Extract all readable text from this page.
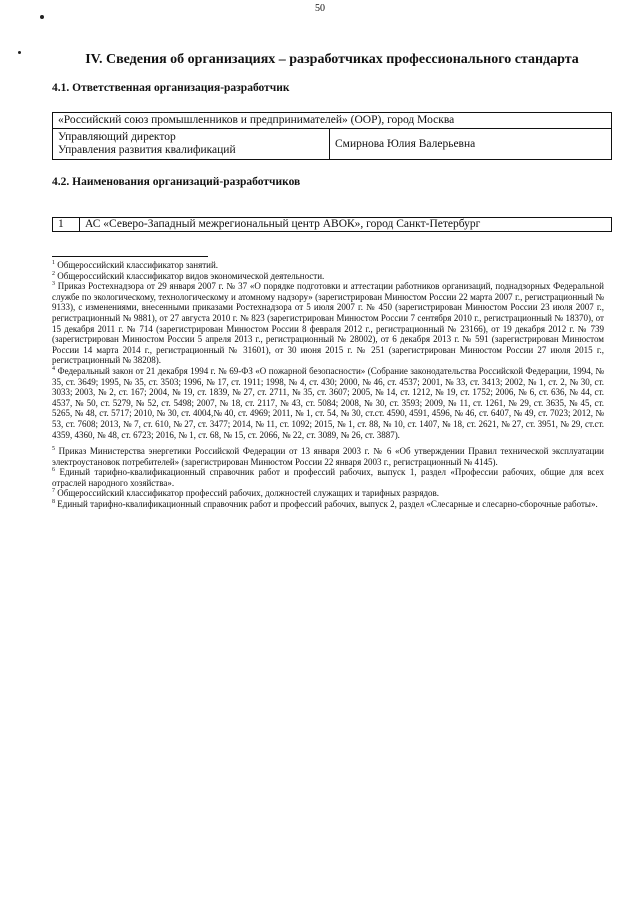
50
IV. Сведения об организациях – разработчиках профессионального стандарта
4.1. Ответственная организация-разработчик
«Российский союз промышленников и предпринимателей» (ООР), город Москва

Управляющий директор
Управления развития квалификаций
	Смирнова Юлия Валерьевна
4.2. Наименования организаций-разработчиков
1	АС «Северо-Западный межрегиональный центр АВОК», город Санкт-Петербург

$^1$ Общероссийский классификатор занятий.

$^2$ Общероссийский классификатор видов экономической деятельности.

$^3$ Приказ Ростехнадзора от 29 января 2007 г. № 37 «О порядке подготовки и аттестации работников организаций, поднадзорных Федеральной службе по экологическому, технологическому и атомному надзору» (зарегистрирован Минюстом России 22 марта 2007 г., регистрационный № 9133), с изменениями, внесенными приказами Ростехнадзора от 5 июля 2007 г. № 450 (зарегистрирован Минюстом России 23 июля 2007 г., регистрационный № 9881), от 27 августа 2010 г. № 823 (зарегистрирован Минюстом России 7 сентября 2010 г., регистрационный № 18370), от 15 декабря 2011 г. № 714 (зарегистрирован Минюстом России 8 февраля 2012 г., регистрационный № 23166), от 19 декабря 2012 г. № 739 (зарегистрирован Минюстом России 5 апреля 2013 г., регистрационный № 28002), от 6 декабря 2013 г. № 591 (зарегистрирован Минюстом России 14 марта 2014 г., регистрационный № 31601), от 30 июня 2015 г. № 251 (зарегистрирован Минюстом России 27 июля 2015 г., регистрационный № 38208).

$^4$ Федеральный закон от 21 декабря 1994 г. № 69-ФЗ «О пожарной безопасности» (Собрание законодательства Российской Федерации, 1994, № 35, ст. 3649; 1995, № 35, ст. 3503; 1996, № 17, ст. 1911; 1998, № 4, ст. 430; 2000, № 46, ст. 4537; 2001, № 33, ст. 3413; 2002, № 1, ст. 2, № 30, ст. 3033; 2003, № 2, ст. 167; 2004, № 19, ст. 1839, № 27, ст. 2711, № 35, ст. 3607; 2005, № 14, ст. 1212, № 19, ст. 1752; 2006, № 6, ст. 636, № 44, ст. 4537, № 50, ст. 5279, № 52, ст. 5498; 2007, № 18, ст. 2117, № 43, ст. 5084; 2008, № 30, ст. 3593; 2009, № 11, ст. 1261, № 29, ст. 3635, № 45, ст. 5265, № 48, ст. 5717; 2010, № 30, ст. 4004,№ 40, ст. 4969; 2011, № 1, ст. 54, № 30, ст.ст. 4590, 4591, 4596, № 46, ст. 6407, № 49, ст. 7023; 2012, № 53, ст. 7608; 2013, № 7, ст. 610, № 27, ст. 3477; 2014, № 11, ст. 1092; 2015, № 1, ст. 88, № 10, ст. 1407, № 18, ст. 2621, № 27, ст. 3951, № 29, ст.ст. 4359, 4360, № 48, ст. 6723; 2016, № 1, ст. 68, № 15, ст. 2066, № 22, ст. 3089, № 26, ст. 3887).

$^5$ Приказ Министерства энергетики Российской Федерации от 13 января 2003 г. № 6 «Об утверждении Правил технической эксплуатации электроустановок потребителей» (зарегистрирован Минюстом России 22 января 2003 г., регистрационный № 4145).

$^6$ Единый тарифно-квалификационный справочник работ и профессий рабочих, выпуск 1, раздел «Профессии рабочих, общие для всех отраслей народного хозяйства».

$^7$ Общероссийский классификатор профессий рабочих, должностей служащих и тарифных разрядов.

$^8$ Единый тарифно-квалификационный справочник работ и профессий рабочих, выпуск 2, раздел «Слесарные и слесарно-сборочные работы».
